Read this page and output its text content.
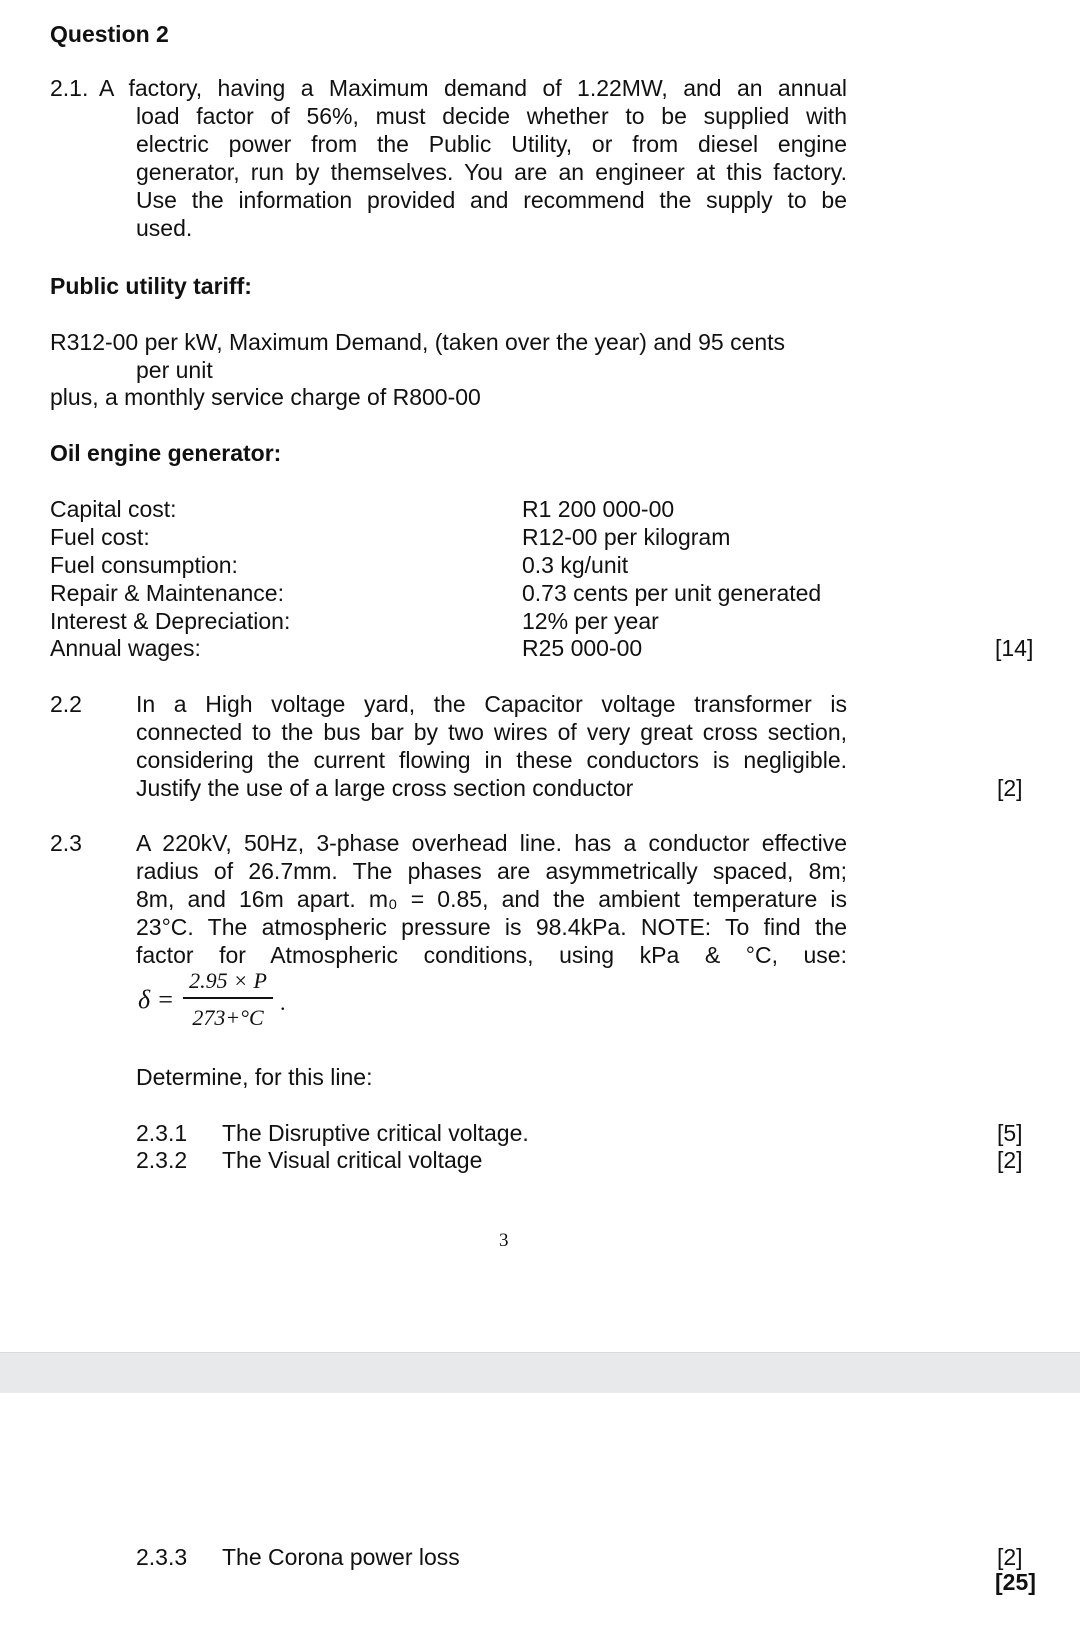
Question 2
2.1. A factory, having a Maximum demand of 1.22MW, and an annual
load factor of 56%, must decide whether to be supplied with
electric power from the Public Utility, or from diesel engine
generator, run by themselves. You are an engineer at this factory.
Use the information provided and recommend the supply to be
used.
Public utility tariff:
R312-00 per kW, Maximum Demand, (taken over the year) and 95 cents
per unit
plus, a monthly service charge of R800-00
Oil engine generator:
Capital cost:	R1 200 000-00
Fuel cost:	R12-00 per kilogram
Fuel consumption:	0.3 kg/unit
Repair & Maintenance:	0.73 cents per unit generated
Interest & Depreciation:	12% per year
Annual wages:	R25 000-00	[14]
2.2 In a High voltage yard, the Capacitor voltage transformer is
connected to the bus bar by two wires of very great cross section,
considering the current flowing in these conductors is negligible.
Justify the use of a large cross section conductor	[2]
2.3 A 220kV, 50Hz, 3-phase overhead line. has a conductor effective
radius of 26.7mm. The phases are asymmetrically spaced, 8m;
8m, and 16m apart. m₀ = 0.85, and the ambient temperature is
23°C. The atmospheric pressure is 98.4kPa. NOTE: To find the
factor for Atmospheric conditions, using kPa & °C, use:
δ =
2.95 × P
273+°C
.
Determine, for this line:
2.3.1 The Disruptive critical voltage.	[5]
2.3.2 The Visual critical voltage	[2]
3
2.3.3 The Corona power loss	[2]
[25]
